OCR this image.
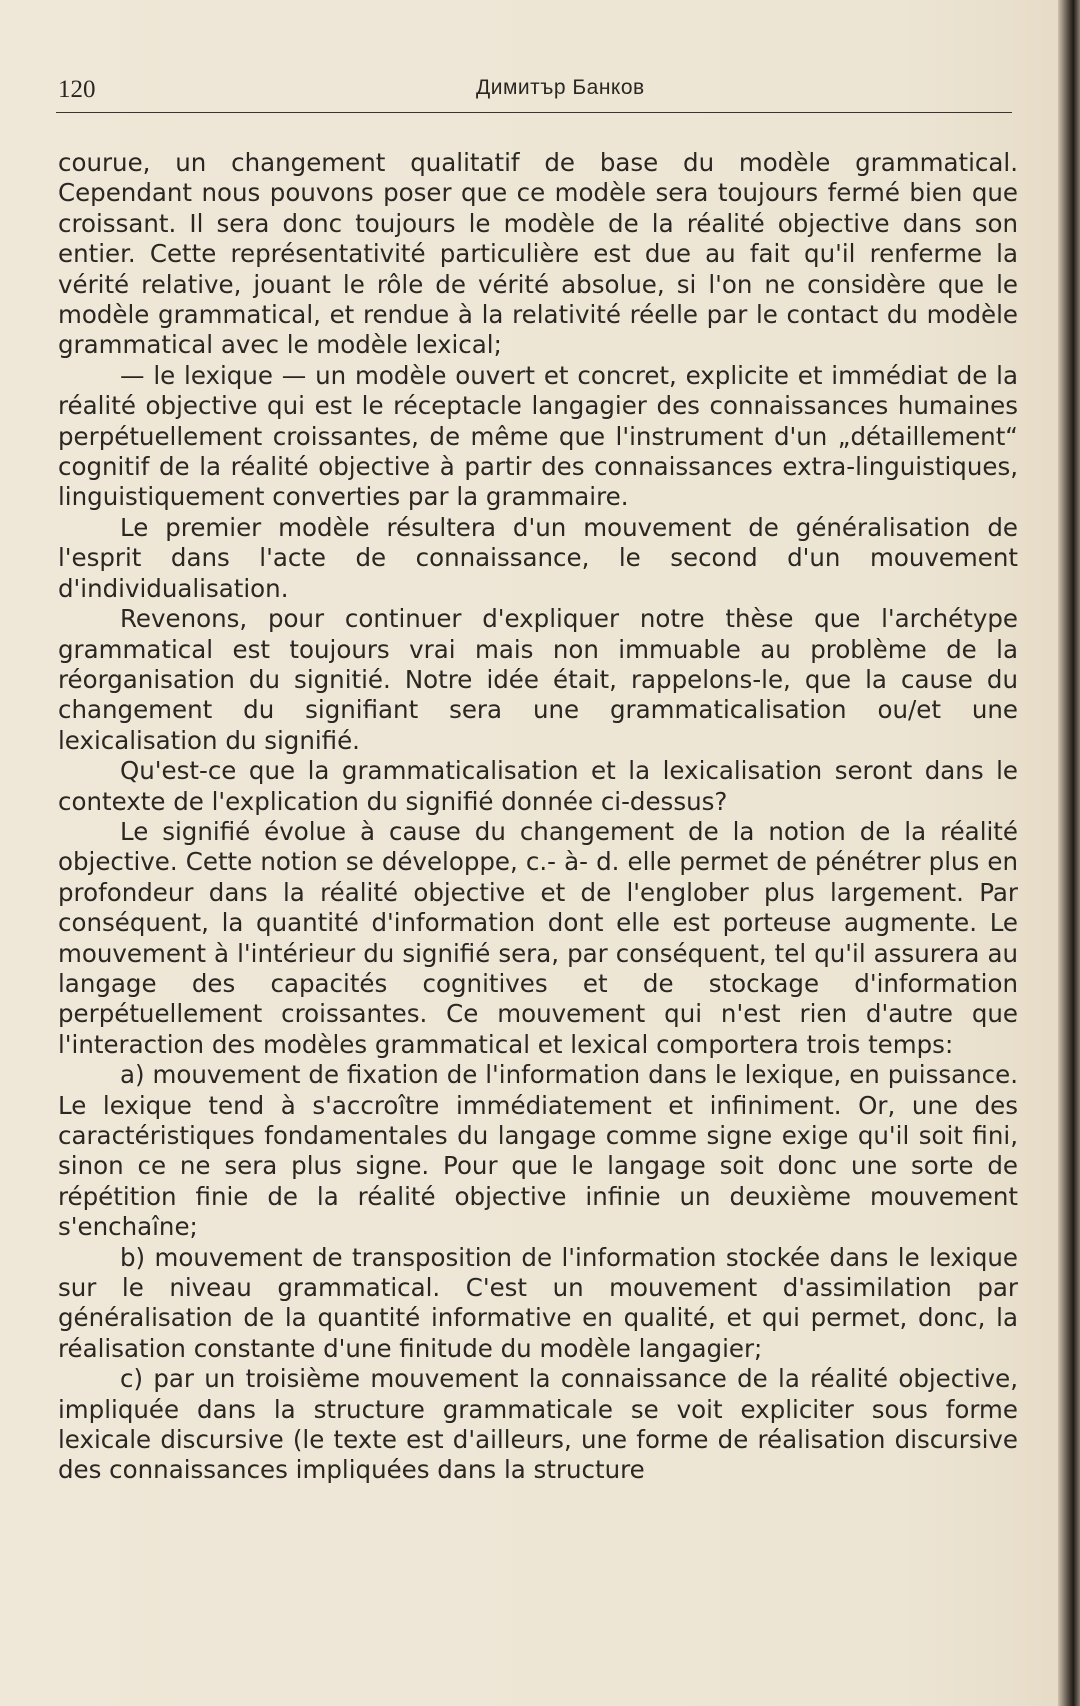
120	Димитър Банков

courue, un changement qualitatif de base du modèle grammatical. Cependant nous pouvons poser que ce modèle sera toujours fermé bien que croissant. Il sera donc toujours le modèle de la réalité objective dans son entier. Cette représentativité particulière est due au fait qu'il renferme la vérité relative, jouant le rôle de vérité absolue, si l'on ne considère que le modèle grammatical, et rendue à la relativité réelle par le contact du modèle grammatical avec le modèle lexical;

— le lexique — un modèle ouvert et concret, explicite et immédiat de la réalité objective qui est le réceptacle langagier des connaissances humaines perpétuellement croissantes, de même que l'instrument d'un „détaillement“ cognitif de la réalité objective à partir des connaissances extra-linguistiques, linguistiquement converties par la grammaire.

Le premier modèle résultera d'un mouvement de généralisation de l'esprit dans l'acte de connaissance, le second d'un mouvement d'individualisation.

Revenons, pour continuer d'expliquer notre thèse que l'archétype grammatical est toujours vrai mais non immuable au problème de la réorganisation du signitié. Notre idée était, rappelons-le, que la cause du changement du signifiant sera une grammaticalisation ou/et une lexicalisation du signifié.

Qu'est-ce que la grammaticalisation et la lexicalisation seront dans le contexte de l'explication du signifié donnée ci-dessus?

Le signifié évolue à cause du changement de la notion de la réalité objective. Cette notion se développe, c.- à- d. elle permet de pénétrer plus en profondeur dans la réalité objective et de l'englober plus largement. Par conséquent, la quantité d'information dont elle est porteuse augmente. Le mouvement à l'intérieur du signifié sera, par conséquent, tel qu'il assurera au langage des capacités cognitives et de stockage d'information perpétuellement croissantes. Ce mouvement qui n'est rien d'autre que l'interaction des modèles grammatical et lexical comportera trois temps:

a) mouvement de fixation de l'information dans le lexique, en puissance. Le lexique tend à s'accroître immédiatement et infiniment. Or, une des caractéristiques fondamentales du langage comme signe exige qu'il soit fini, sinon ce ne sera plus signe. Pour que le langage soit donc une sorte de répétition finie de la réalité objective infinie un deuxième mouvement s'enchaîne;

b) mouvement de transposition de l'information stockée dans le lexique sur le niveau grammatical. C'est un mouvement d'assimilation par généralisation de la quantité informative en qualité, et qui permet, donc, la réalisation constante d'une finitude du modèle langagier;

c) par un troisième mouvement la connaissance de la réalité objective, impliquée dans la structure grammaticale se voit expliciter sous forme lexicale discursive (le texte est d'ailleurs, une forme de réalisation discursive des connaissances impliquées dans la structure
